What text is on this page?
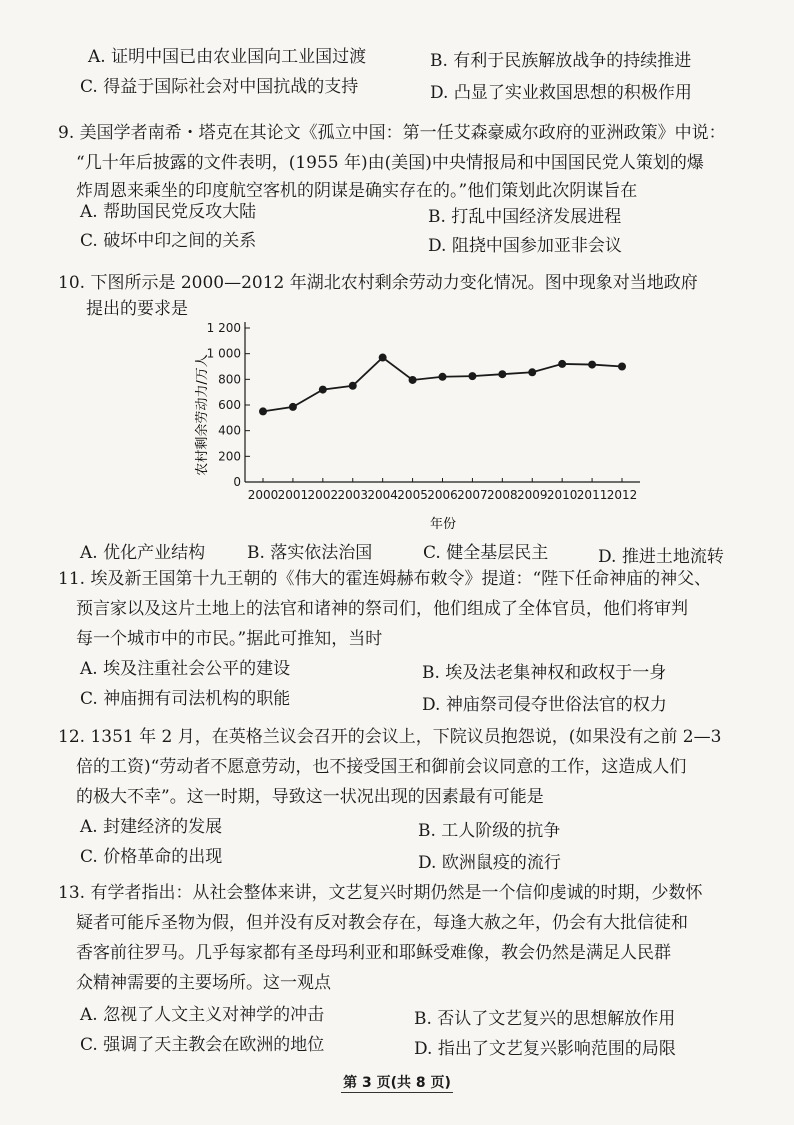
A. 证明中国已由农业国向工业国过渡	B. 有利于民族解放战争的持续推进
C. 得益于国际社会对中国抗战的支持	D. 凸显了实业救国思想的积极作用
9. 美国学者南希・塔克在其论文《孤立中国：第一任艾森豪威尔政府的亚洲政策》中说：
“几十年后披露的文件表明，(1955 年)由(美国)中央情报局和中国国民党人策划的爆
炸周恩来乘坐的印度航空客机的阴谋是确实存在的。”他们策划此次阴谋旨在
A. 帮助国民党反攻大陆	B. 打乱中国经济发展进程
C. 破坏中印之间的关系	D. 阻挠中国参加亚非会议
10. 下图所示是 2000—2012 年湖北农村剩余劳动力变化情况。图中现象对当地政府
提出的要求是
0
200
400
600
800
1 000
1 200
2000 2001 2002 2003 2004 2005 2006 2007 2008 2009 2010 2011 2012
农村剩余劳动力/万人
年份
A. 优化产业结构 B. 落实依法治国	C. 健全基层民主	D. 推进土地流转
11. 埃及新王国第十九王朝的《伟大的霍连姆赫布敕令》提道：“陛下任命神庙的神父、
预言家以及这片土地上的法官和诸神的祭司们，他们组成了全体官员，他们将审判
每一个城市中的市民。”据此可推知，当时
A. 埃及注重社会公平的建设	B. 埃及法老集神权和政权于一身
C. 神庙拥有司法机构的职能	D. 神庙祭司侵夺世俗法官的权力
12. 1351 年 2 月，在英格兰议会召开的会议上，下院议员抱怨说，(如果没有之前 2—3
倍的工资)“劳动者不愿意劳动，也不接受国王和御前会议同意的工作，这造成人们
的极大不幸”。这一时期，导致这一状况出现的因素最有可能是
A. 封建经济的发展	B. 工人阶级的抗争
C. 价格革命的出现	D. 欧洲鼠疫的流行
13. 有学者指出：从社会整体来讲，文艺复兴时期仍然是一个信仰虔诚的时期，少数怀
疑者可能斥圣物为假，但并没有反对教会存在，每逢大赦之年，仍会有大批信徒和
香客前往罗马。几乎每家都有圣母玛利亚和耶稣受难像，教会仍然是满足人民群
众精神需要的主要场所。这一观点
A. 忽视了人文主义对神学的冲击	B. 否认了文艺复兴的思想解放作用
C. 强调了天主教会在欧洲的地位	D. 指出了文艺复兴影响范围的局限
第 3 页(共 8 页)
